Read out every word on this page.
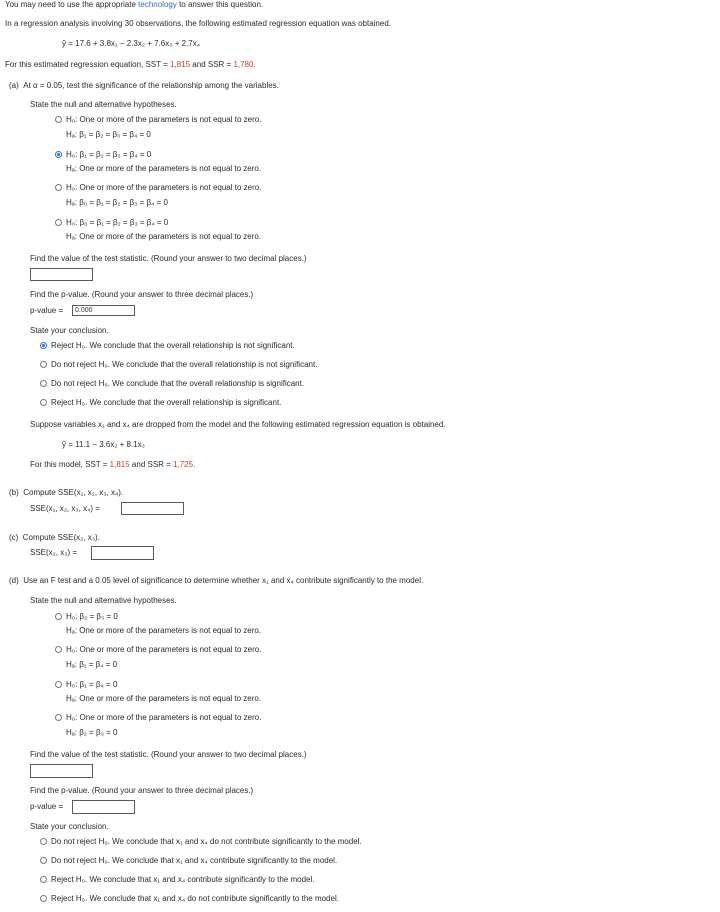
You may need to use the appropriate technology to answer this question.
In a regression analysis involving 30 observations, the following estimated regression equation was obtained.
ŷ = 17.6 + 3.8x₁ − 2.3x₂ + 7.6x₃ + 2.7x₄
For this estimated regression equation, SST = 1,815 and SSR = 1,780.
(a) At α = 0.05, test the significance of the relationship among the variables.
State the null and alternative hypotheses.
H₀: One or more of the parameters is not equal to zero.
Hₐ: β₁ = β₂ = β₃ = β₄ = 0
H₀: β₁ = β₂ = β₃ = β₄ = 0
Hₐ: One or more of the parameters is not equal to zero.
H₀: One or more of the parameters is not equal to zero.
Hₐ: β₀ = β₁ = β₂ = β₃ = β₄ = 0
H₀: β₀ = β₁ = β₂ = β₃ = β₄ = 0
Hₐ: One or more of the parameters is not equal to zero.
Find the value of the test statistic. (Round your answer to two decimal places.)
Find the p-value. (Round your answer to three decimal places.)
p-value =	0.000
State your conclusion.
Reject H₀. We conclude that the overall relationship is not significant.
Do not reject H₀. We conclude that the overall relationship is not significant.
Do not reject H₀. We conclude that the overall relationship is significant.
Reject H₀. We conclude that the overall relationship is significant.
Suppose variables x₁ and x₄ are dropped from the model and the following estimated regression equation is obtained.
ŷ = 11.1 − 3.6x₂ + 8.1x₃
For this model, SST = 1,815 and SSR = 1,725.
(b) Compute SSE(x₁, x₂, x₃, x₄).
SSE(x₁, x₂, x₃, x₄) =
(c) Compute SSE(x₂, x₃).
SSE(x₂, x₃) =
(d) Use an F test and a 0.05 level of significance to determine whether x₁ and x₄ contribute significantly to the model.
State the null and alternative hypotheses.
H₀: β₂ = β₃ = 0
Hₐ: One or more of the parameters is not equal to zero.
H₀: One or more of the parameters is not equal to zero.
Hₐ: β₁ = β₄ = 0
H₀: β₁ = β₄ = 0
Hₐ: One or more of the parameters is not equal to zero.
H₀: One or more of the parameters is not equal to zero.
Hₐ: β₂ = β₃ = 0
Find the value of the test statistic. (Round your answer to two decimal places.)
Find the p-value. (Round your answer to three decimal places.)
p-value =
State your conclusion.
Do not reject H₀. We conclude that x₁ and x₄ do not contribute significantly to the model.
Do not reject H₀. We conclude that x₁ and x₄ contribute significantly to the model.
Reject H₀. We conclude that x₁ and x₄ contribute significantly to the model.
Reject H₀. We conclude that x₁ and x₄ do not contribute significantly to the model.
